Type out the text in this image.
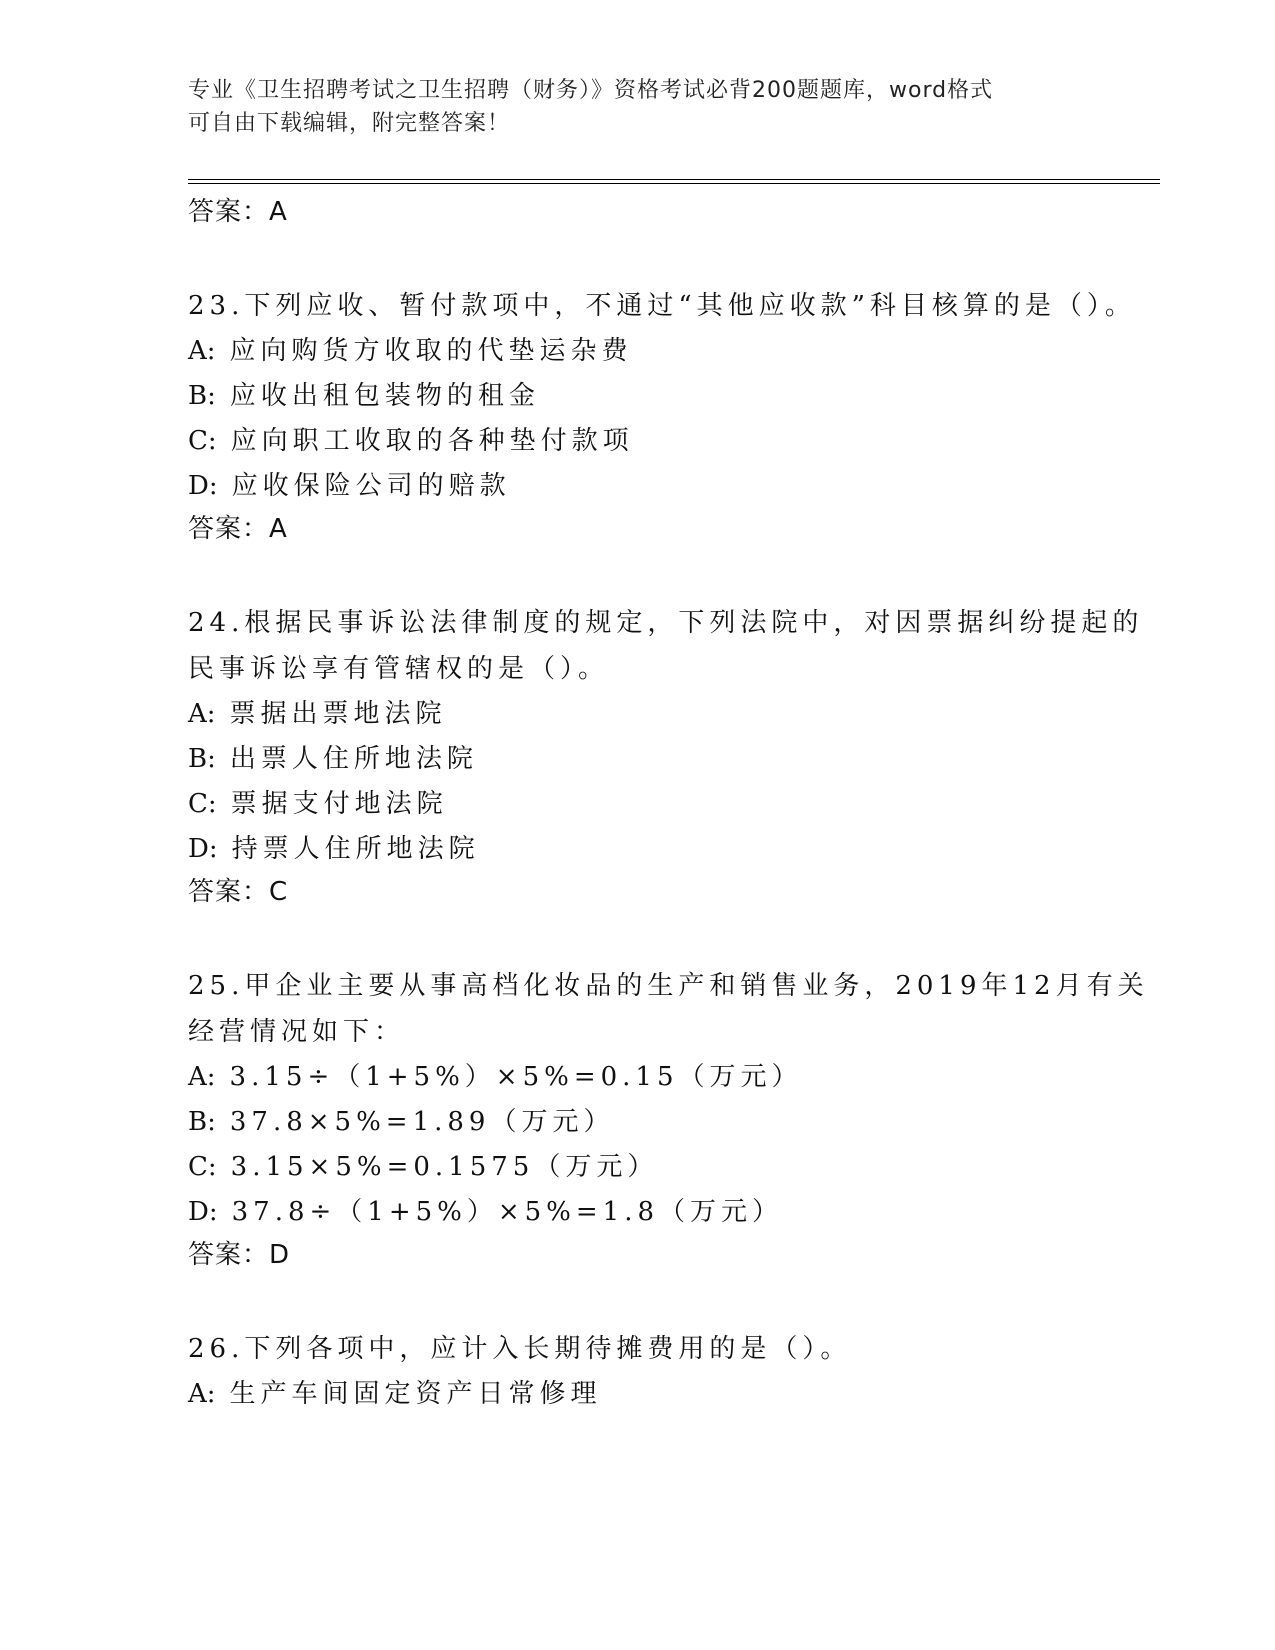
专业《卫生招聘考试之卫生招聘（财务）》资格考试必背200题题库，word格式
可自由下载编辑，附完整答案！
答案：A
23.下列应收、暂付款项中，不通过“其他应收款”科目核算的是（）。
A: 应向购货方收取的代垫运杂费
B: 应收出租包装物的租金
C: 应向职工收取的各种垫付款项
D: 应收保险公司的赔款
答案：A
24.根据民事诉讼法律制度的规定，下列法院中，对因票据纠纷提起的民事诉讼享有管辖权的是（）。
A: 票据出票地法院
B: 出票人住所地法院
C: 票据支付地法院
D: 持票人住所地法院
答案：C
25.甲企业主要从事高档化妆品的生产和销售业务，2019年12月有关经营情况如下：
A: 3.15÷（1+5%）×5%=0.15（万元）
B: 37.8×5%=1.89（万元）
C: 3.15×5%=0.1575（万元）
D: 37.8÷（1+5%）×5%=1.8（万元）
答案：D
26.下列各项中，应计入长期待摊费用的是（）。
A: 生产车间固定资产日常修理
